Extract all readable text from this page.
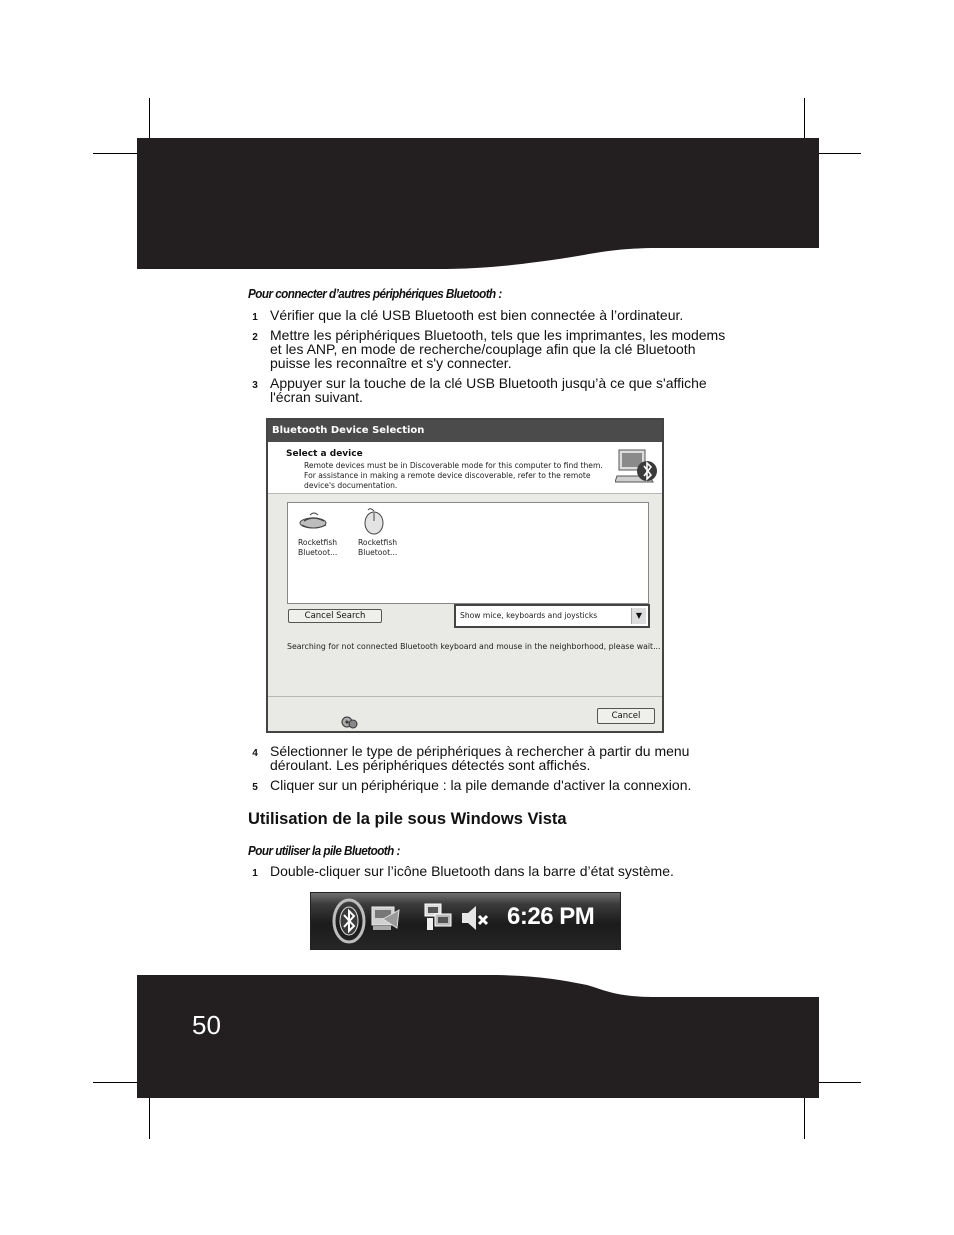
Pour connecter d’autres périphériques Bluetooth :
1 Vérifier que la clé USB Bluetooth est bien connectée à l’ordinateur.
2 Mettre les périphériques Bluetooth, tels que les imprimantes, les modems et les ANP, en mode de recherche/couplage afin que la clé Bluetooth puisse les reconnaître et s'y connecter.
3 Appuyer sur la touche de la clé USB Bluetooth jusqu’à ce que s'affiche l'écran suivant.
Bluetooth Device Selection
Select a device
Remote devices must be in Discoverable mode for this computer to find them. For assistance in making a remote device discoverable, refer to the remote device's documentation.
Rocketfish
Bluetoot...
Rocketfish
Bluetoot...
Cancel Search	Show mice, keyboards and joysticks	▼
Searching for not connected Bluetooth keyboard and mouse in the neighborhood, please wait...
Cancel
4 Sélectionner le type de périphériques à rechercher à partir du menu déroulant. Les périphériques détectés sont affichés.
5 Cliquer sur un périphérique : la pile demande d'activer la connexion.
Utilisation de la pile sous Windows Vista
Pour utiliser la pile Bluetooth :
1 Double-cliquer sur l’icône Bluetooth dans la barre d’état système.
6:26 PM
50
